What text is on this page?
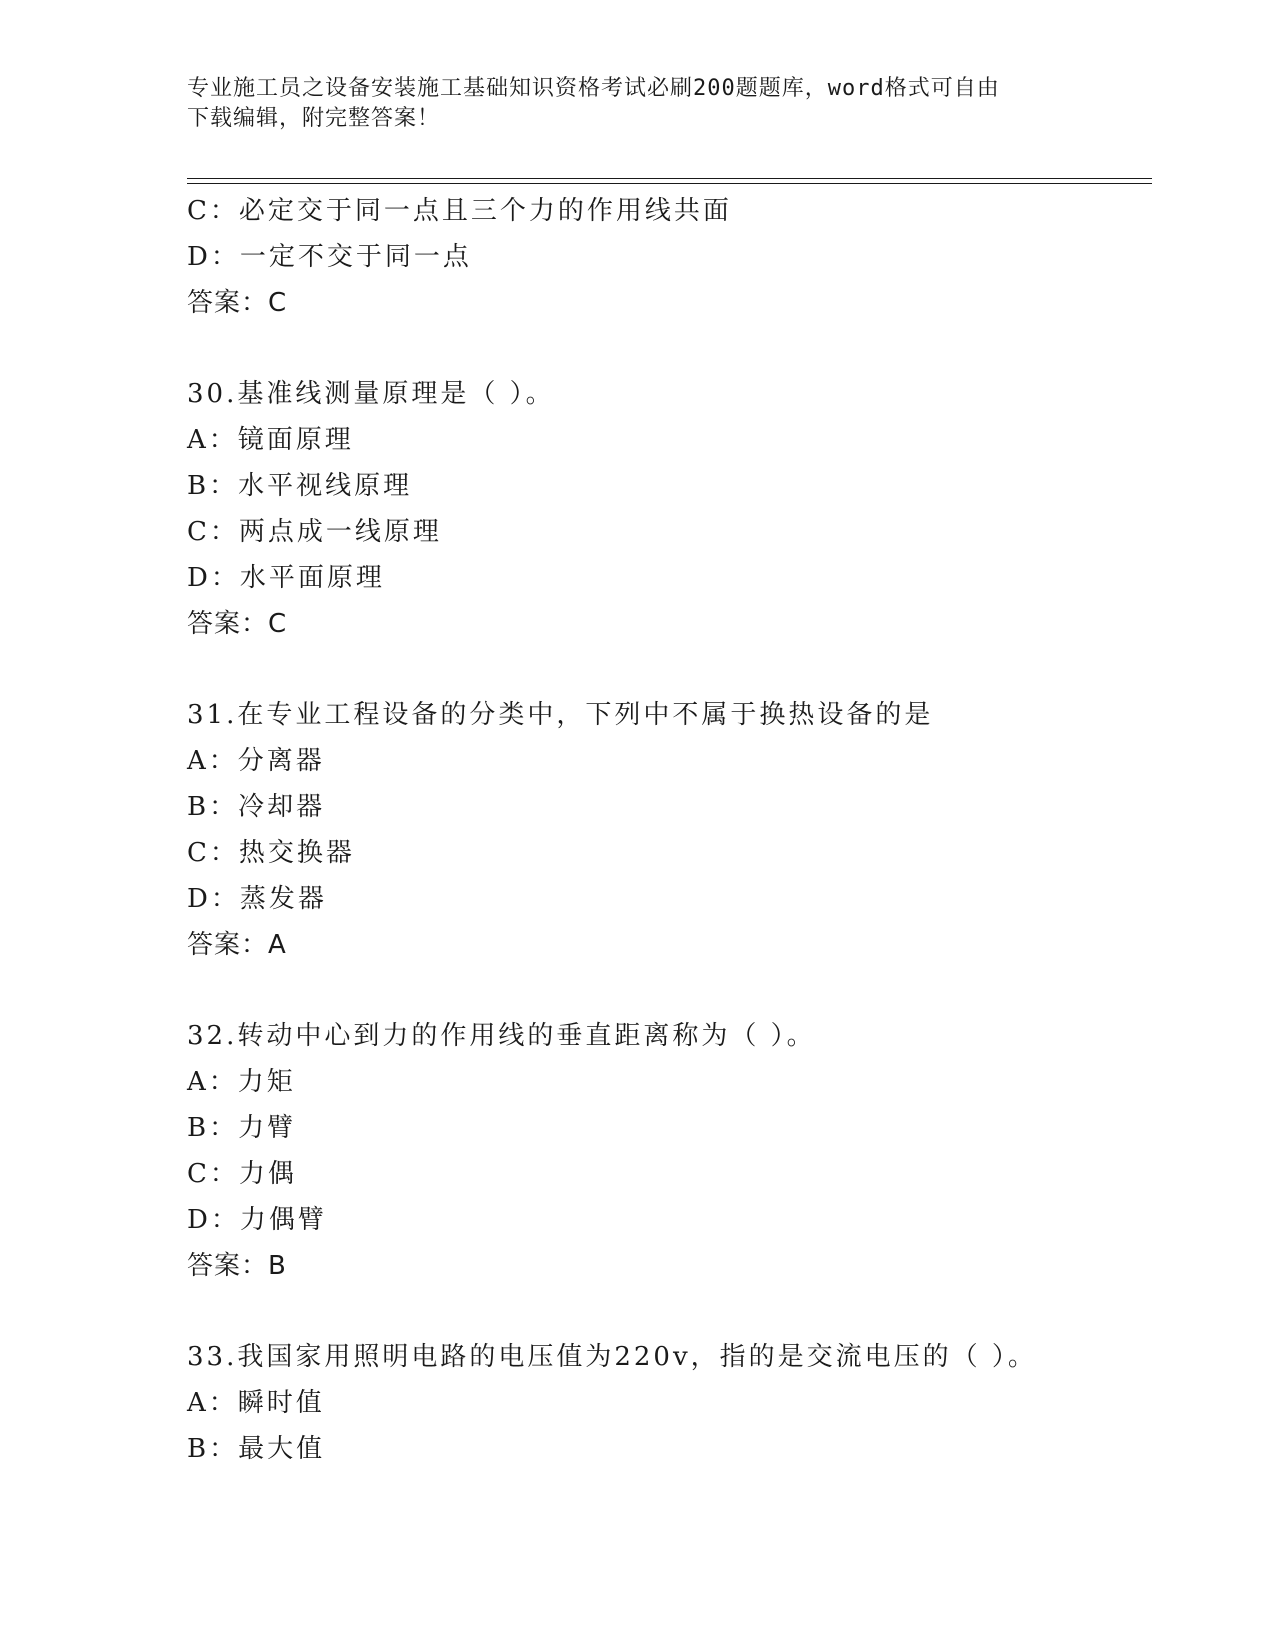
专业施工员之设备安装施工基础知识资格考试必刷200题题库，word格式可自由
下载编辑，附完整答案！
C：必定交于同一点且三个力的作用线共面
D：一定不交于同一点
答案：C
30.基准线测量原理是（ ）。
A：镜面原理
B：水平视线原理
C：两点成一线原理
D：水平面原理
答案：C
31.在专业工程设备的分类中，下列中不属于换热设备的是
A：分离器
B：冷却器
C：热交换器
D：蒸发器
答案：A
32.转动中心到力的作用线的垂直距离称为（ ）。
A：力矩
B：力臂
C：力偶
D：力偶臂
答案：B
33.我国家用照明电路的电压值为220v，指的是交流电压的（ ）。
A：瞬时值
B：最大值
